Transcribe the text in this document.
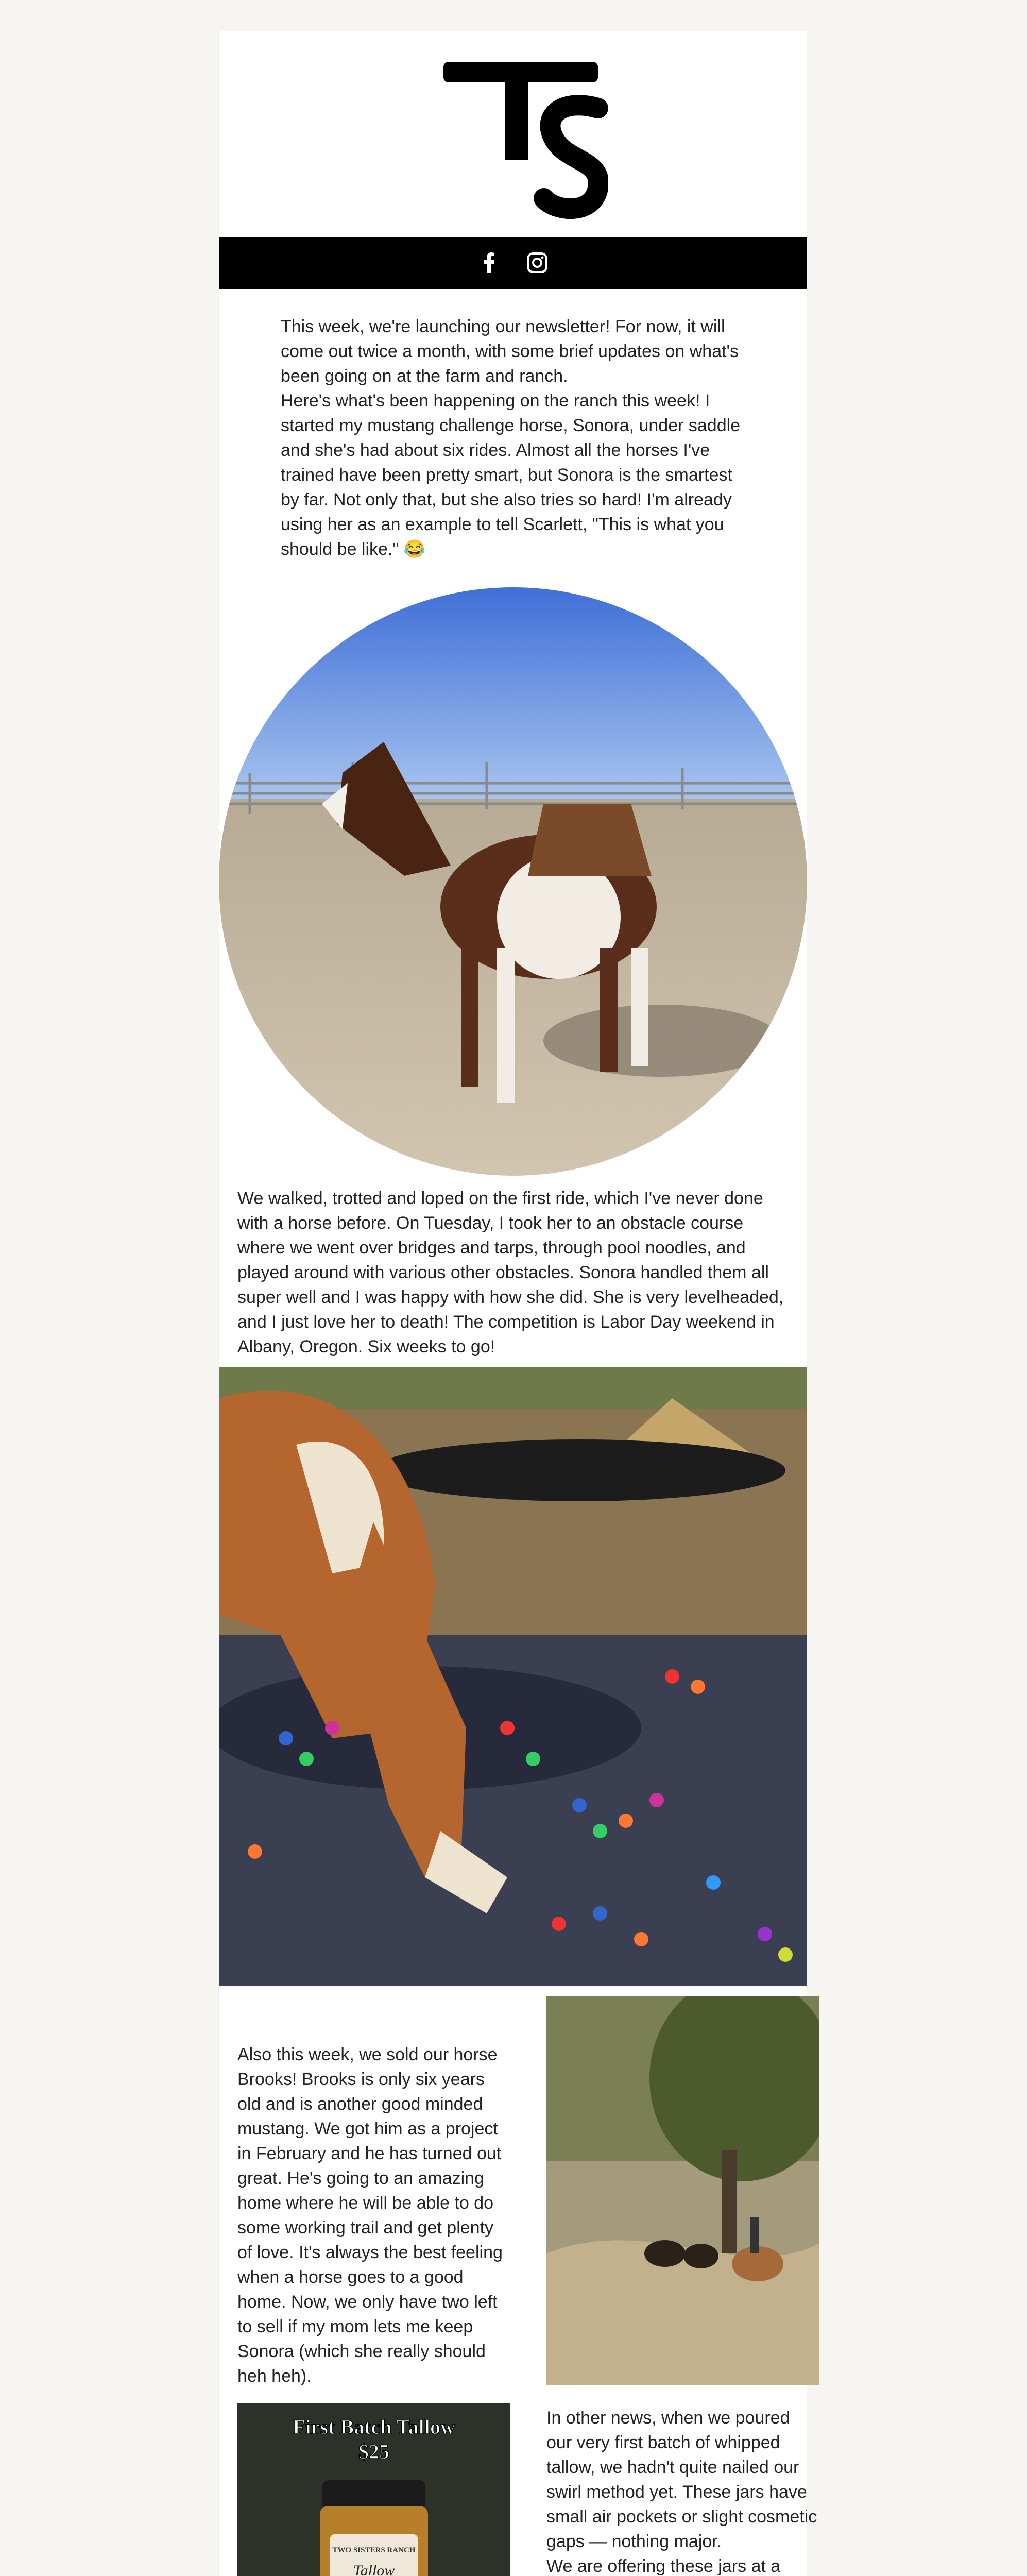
This week, we're launching our newsletter! For now, it will come out twice a month, with some brief updates on what's been going on at the farm and ranch.

Here's what's been happening on the ranch this week! I started my mustang challenge horse, Sonora, under saddle and she's had about six rides. Almost all the horses I've trained have been pretty smart, but Sonora is the smartest by far. Not only that, but she also tries so hard! I'm already using her as an example to tell Scarlett, "This is what you should be like." 😂

We walked, trotted and loped on the first ride, which I've never done with a horse before. On Tuesday, I took her to an obstacle course where we went over bridges and tarps, through pool noodles, and played around with various other obstacles. Sonora handled them all super well and I was happy with how she did. She is very levelheaded, and I just love her to death! The competition is Labor Day weekend in Albany, Oregon. Six weeks to go!

Also this week, we sold our horse Brooks! Brooks is only six years old and is another good minded mustang. We got him as a project in February and he has turned out great. He's going to an amazing home where he will be able to do some working trail and get plenty of love. It's always the best feeling when a horse goes to a good home. Now, we only have two left to sell if my mom lets me keep Sonora (which she really should heh heh).

First Batch Tallow
$25
TWO SISTERS RANCH
Tallow

In other news, when we poured our very first batch of whipped tallow, we hadn't quite nailed our swirl method yet. These jars have small air pockets or slight cosmetic gaps — nothing major.

We are offering these jars at a
